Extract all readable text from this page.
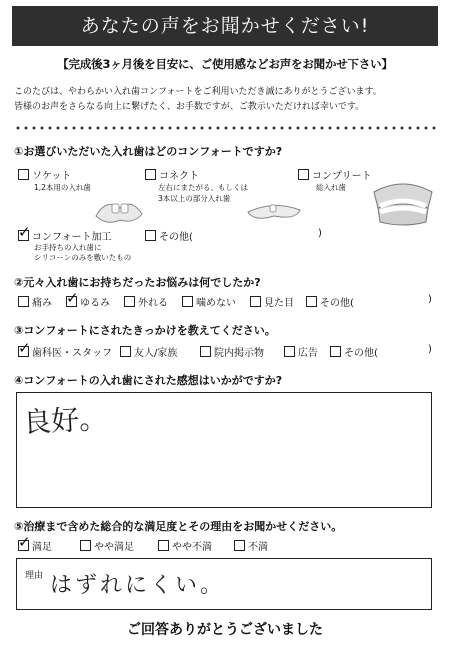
あなたの声をお聞かせください!
【完成後3ヶ月後を目安に、ご使用感などお声をお聞かせ下さい】
このたびは、やわらかい入れ歯コンフォートをご利用いただき誠にありがとうございます。
皆様のお声をさらなる向上に繋げたく、お手数ですが、ご教示いただければ幸いです。
①お選びいただいた入れ歯はどのコンフォートですか?
ソケット
1,2本用の入れ歯
コネクト
左右にまたがる、もしくは
3本以上の部分入れ歯
コンプリート
総入れ歯
✓ コンフォート加工
お手持ちの入れ歯に
シリコーンのみを敷いたもの
その他(	)
②元々入れ歯にお持ちだったお悩みは何でしたか?
痛み ✓ ゆるみ	外れる	噛めない	見た目	その他(	)
③コンフォートにされたきっかけを教えてください。
✓ 歯科医・スタッフ 友人/家族	院内掲示物	広告	その他(	)
④コンフォートの入れ歯にされた感想はいかがですか?
良好。
⑤治療まで含めた総合的な満足度とその理由をお聞かせください。
✓ 満足	やや満足	やや不満	不満
理由 はずれにくい。
ご回答ありがとうございました
